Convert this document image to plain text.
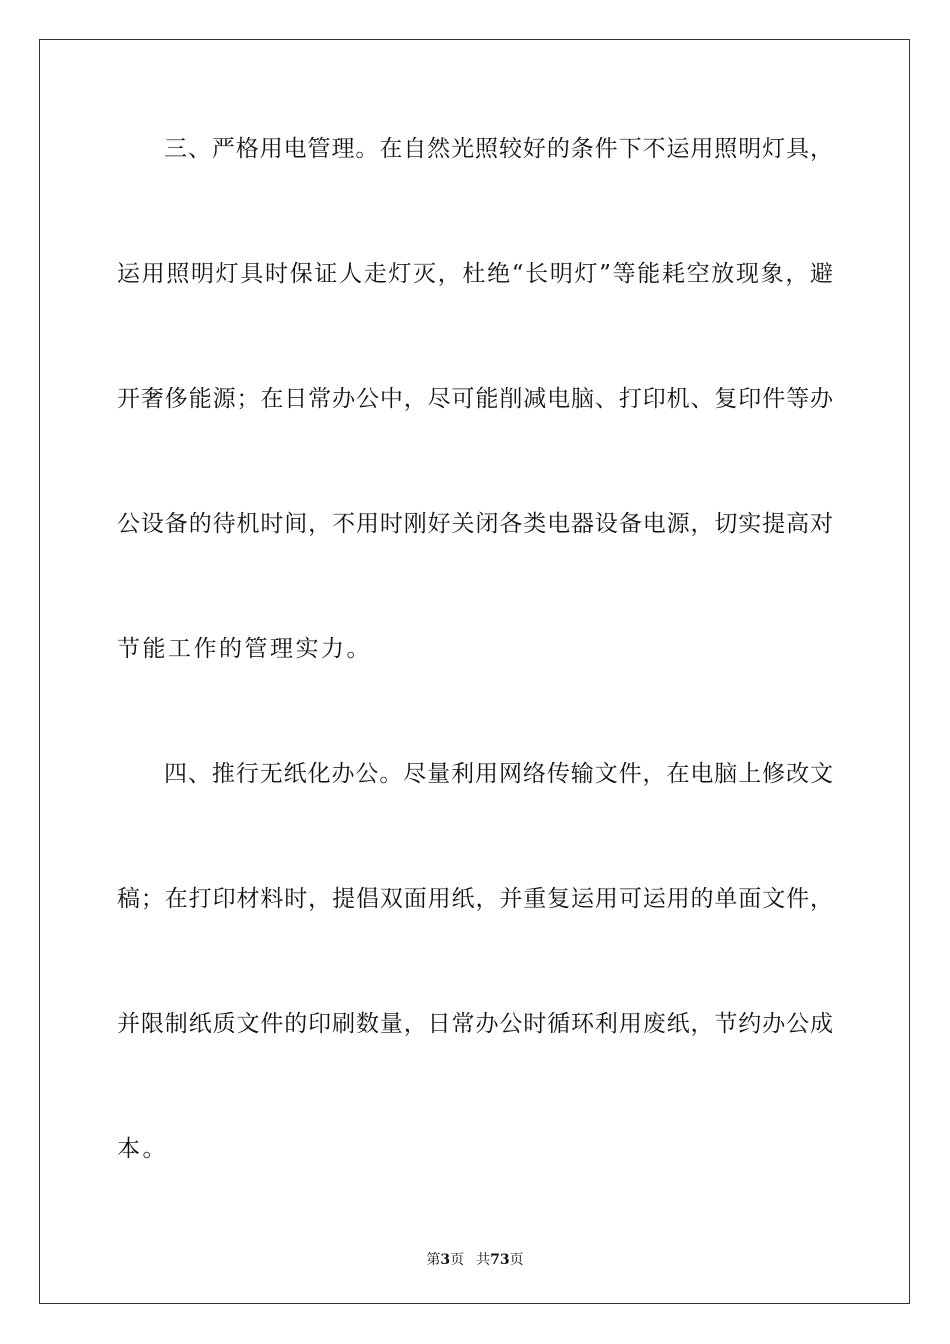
三、严格用电管理。在自然光照较好的条件下不运用照明灯具，
运用照明灯具时保证人走灯灭，杜绝“长明灯”等能耗空放现象，避
开奢侈能源；在日常办公中，尽可能削减电脑、打印机、复印件等办
公设备的待机时间，不用时刚好关闭各类电器设备电源，切实提高对
节能工作的管理实力。
四、推行无纸化办公。尽量利用网络传输文件，在电脑上修改文
稿；在打印材料时，提倡双面用纸，并重复运用可运用的单面文件，
并限制纸质文件的印刷数量，日常办公时循环利用废纸，节约办公成
本。
第3页 共73页
